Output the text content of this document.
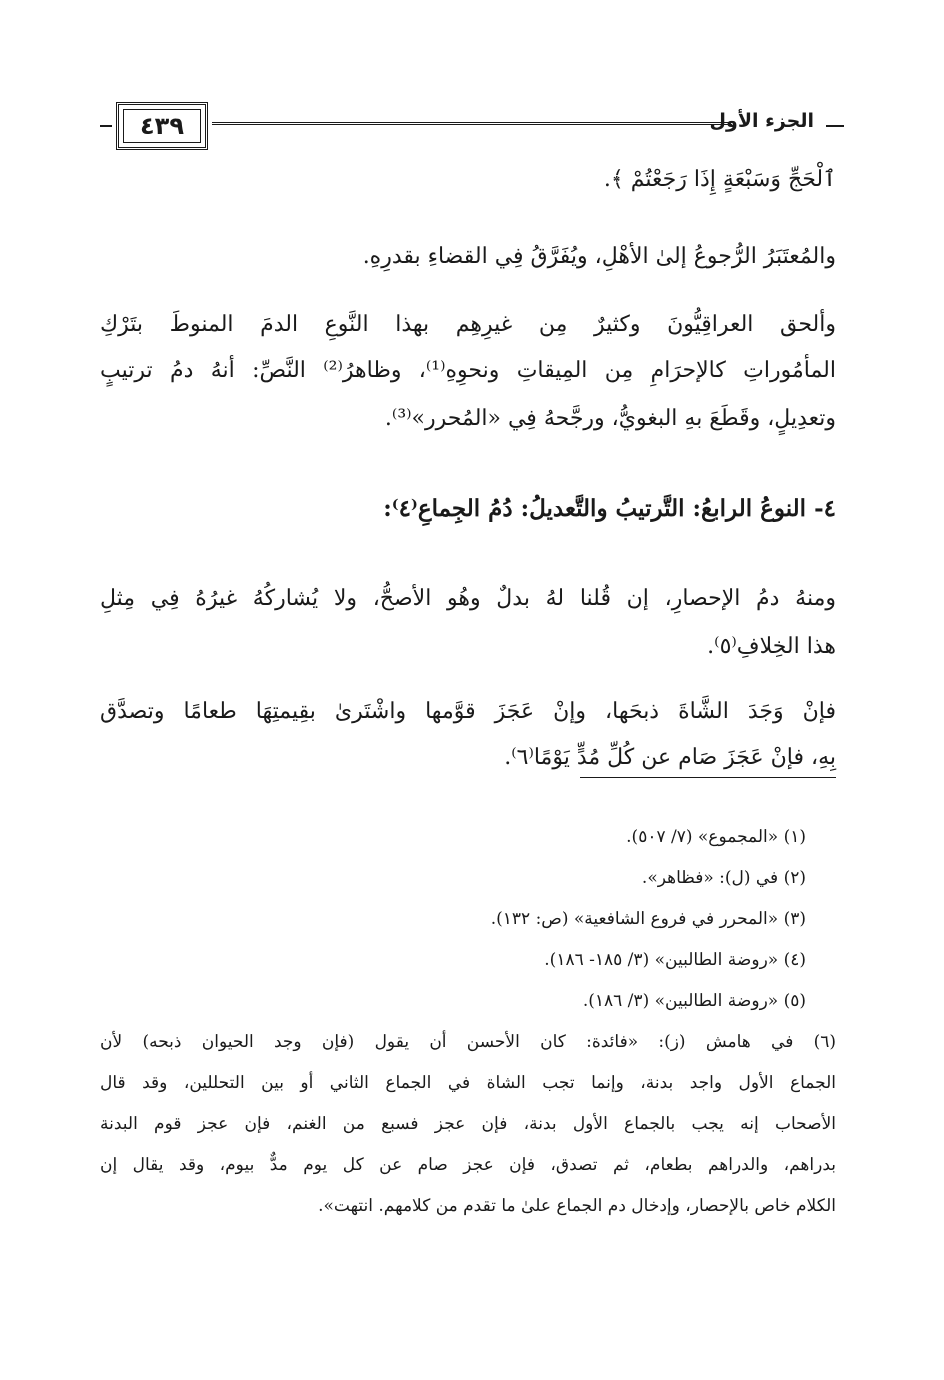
٤٣٩	الجزء الأول
ٱلْحَجِّ وَسَبْعَةٍ إِذَا رَجَعْتُمْ ﴾.
والمُعتَبَرُ الرُّجوعُ إلىٰ الأهْلِ، ويُفَرَّقُ فِي القضاءِ بقدرِهِ.
وألحق العراقِيُّونَ وكثيرٌ مِن غيرِهِم بهذا النَّوعِ الدمَ المنوطَ بتَرْكِ
المأمُوراتِ كالإحرَامِ مِن المِيقاتِ ونحوِهِ⁽¹⁾، وظاهرُ⁽²⁾ النَّصِّ: أنهُ دمُ ترتيبٍ
وتعدِيلٍ، وقَطَعَ بهِ البغويُّ، ورجَّحهُ فِي «المُحرر»⁽³⁾.
٤- النوعُ الرابعُ: التَّرتيبُ والتَّعديلُ: دُمُ الجِماعِ⁽٤⁾:
ومنهُ دمُ الإحصارِ، إن قُلنا لهُ بدلٌ وهُو الأصحُّ، ولا يُشاركُهُ غيرُهُ فِي مِثلِ
هذا الخِلافِ⁽٥⁾.
فإنْ وَجَدَ الشَّاةَ ذبحَها، وإنْ عَجَزَ قوَّمها واشْتَرىٰ بقِيمتِهَا طعامًا وتصدَّق
بِهِ، فإنْ عَجَزَ صَام عن كُلِّ مُدٍّ يَوْمًا⁽٦⁾.
(١) «المجموع» (٧/ ٥٠٧).
(٢) في (ل): «فظاهر».
(٣) «المحرر في فروع الشافعية» (ص: ١٣٢).
(٤) «روضة الطالبين» (٣/ ١٨٥- ١٨٦).
(٥) «روضة الطالبين» (٣/ ١٨٦).
(٦) في هامش (ز): «فائدة: كان الأحسن أن يقول (فإن وجد الحيوان ذبحه) لأن
الجماع الأول واجد بدنة، وإنما تجب الشاة في الجماع الثاني أو بين التحللين، وقد قال
الأصحاب إنه يجب بالجماع الأول بدنة، فإن عجز فسبع من الغنم، فإن عجز قوم البدنة
بدراهم، والدراهم بطعام، ثم تصدق، فإن عجز صام عن كل يوم مدٌّ بيوم، وقد يقال إن
الكلام خاص بالإحصار، وإدخال دم الجماع علىٰ ما تقدم من كلامهم. انتهت».
